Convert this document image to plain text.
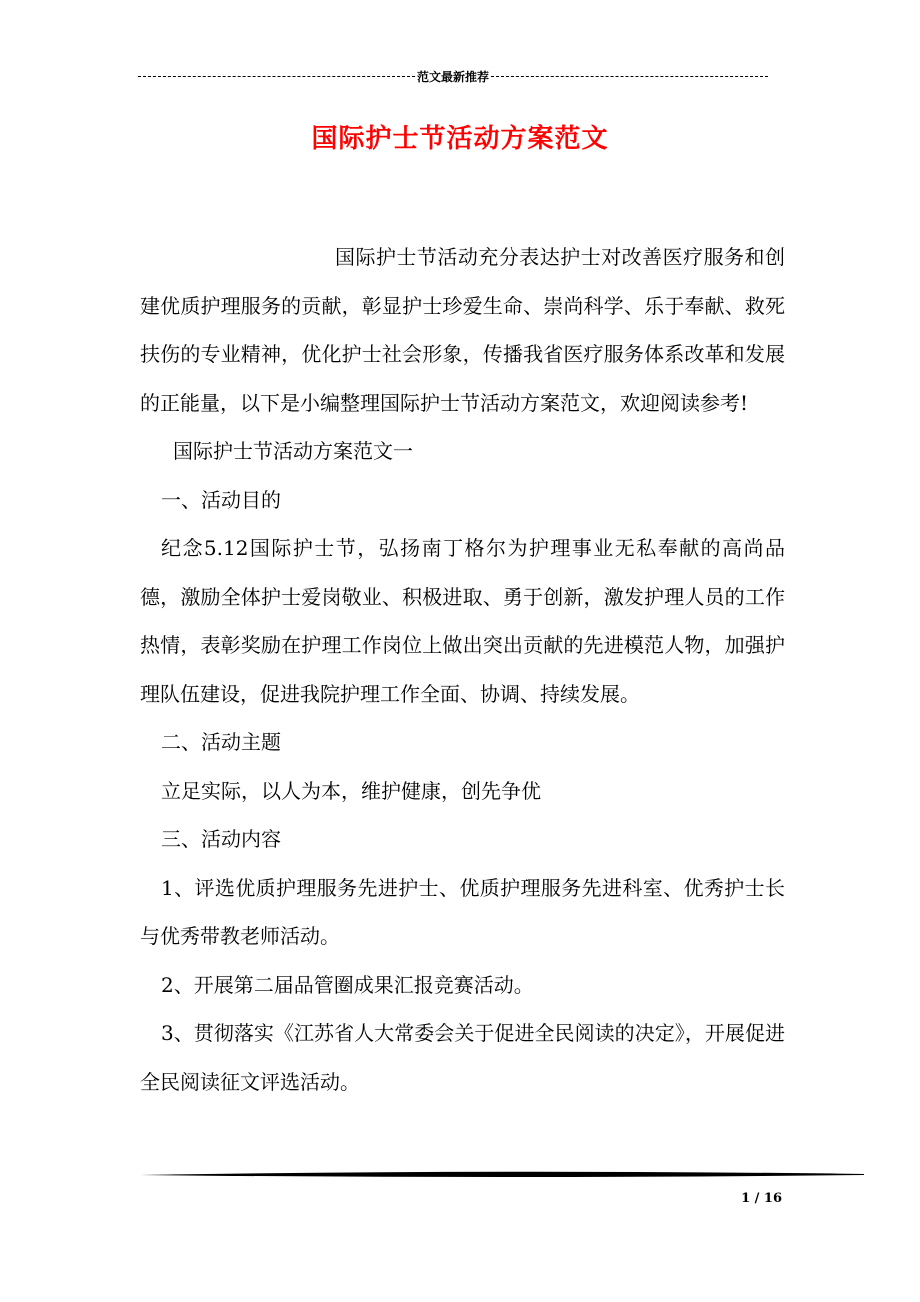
范文最新推荐
国际护士节活动方案范文

国际护士节活动充分表达护士对改善医疗服务和创建优质护理服务的贡献，彰显护士珍爱生命、崇尚科学、乐于奉献、救死扶伤的专业精神，优化护士社会形象，传播我省医疗服务体系改革和发展的正能量，以下是小编整理国际护士节活动方案范文，欢迎阅读参考!

国际护士节活动方案范文一

一、活动目的

纪念5.12国际护士节，弘扬南丁格尔为护理事业无私奉献的高尚品德，激励全体护士爱岗敬业、积极进取、勇于创新，激发护理人员的工作热情，表彰奖励在护理工作岗位上做出突出贡献的先进模范人物，加强护理队伍建设，促进我院护理工作全面、协调、持续发展。

二、活动主题

立足实际，以人为本，维护健康，创先争优

三、活动内容

1、评选优质护理服务先进护士、优质护理服务先进科室、优秀护士长与优秀带教老师活动。

2、开展第二届品管圈成果汇报竞赛活动。

3、贯彻落实《江苏省人大常委会关于促进全民阅读的决定》，开展促进全民阅读征文评选活动。

1 / 16
